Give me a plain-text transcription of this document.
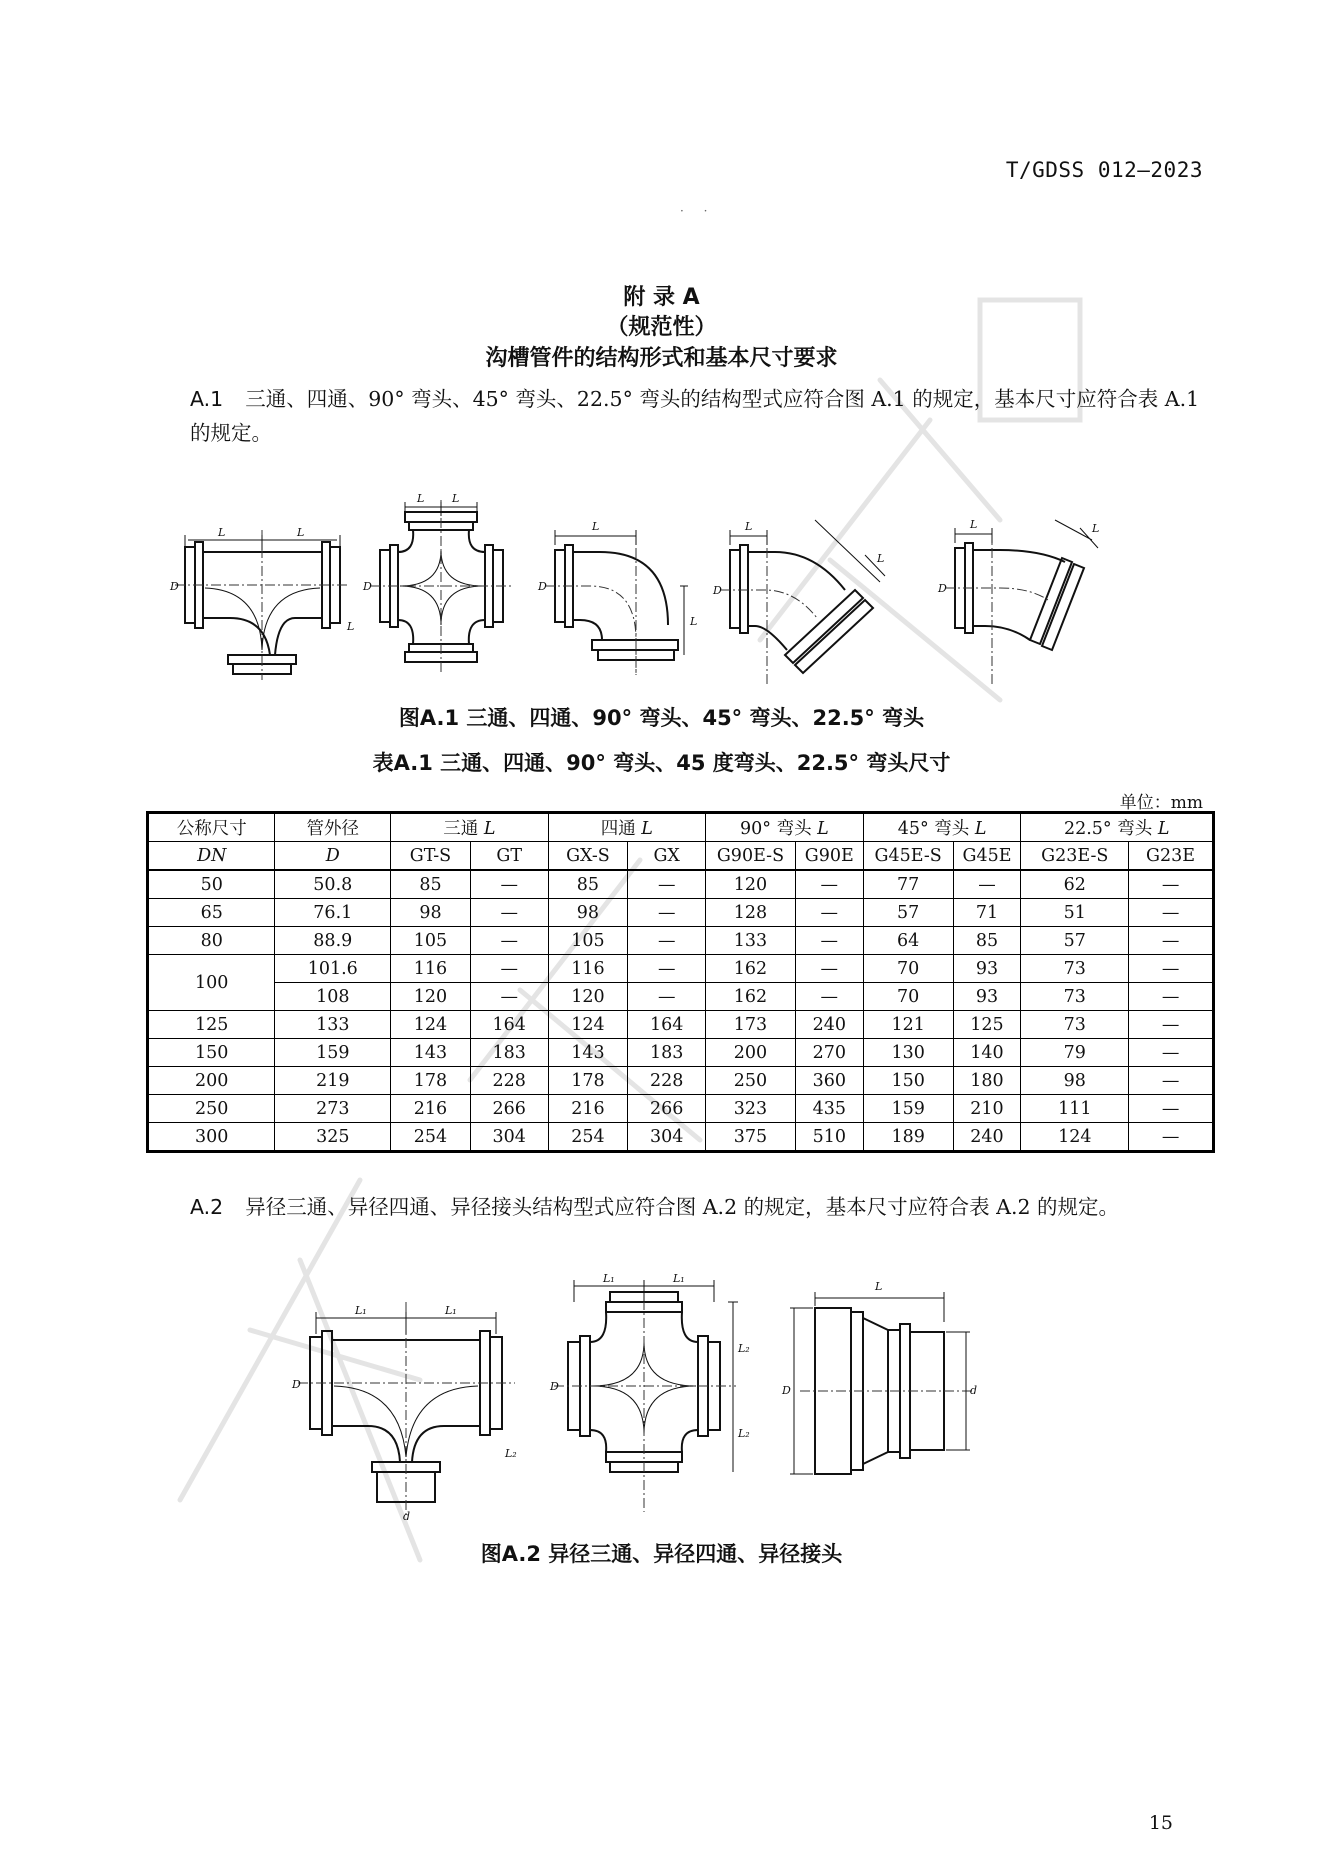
T/GDSS 012—2023
· ·
附 录 A
（规范性）
沟槽管件的结构形式和基本尺寸要求
A.1 三通、四通、90° 弯头、45° 弯头、22.5° 弯头的结构型式应符合图 A.1 的规定，基本尺寸应符合表 A.1 的规定。
L	L
D
L
L	L
D
L
D
L
L
D
L
L
D
L
图A.1 三通、四通、90° 弯头、45° 弯头、22.5° 弯头
表A.1 三通、四通、90° 弯头、45 度弯头、22.5° 弯头尺寸
单位：mm
公称尺寸	管外径	三通 L		四通 L		90° 弯头 L		45° 弯头 L		22.5° 弯头 L	
DN	D	GT-S	GT	GX-S	GX	G90E-S	G90E	G45E-S	G45E	G23E-S	G23E
50	50.8	85	—	85	—	120	—	77	—	62	—
65	76.1	98	—	98	—	128	—	57	71	51	—
80	88.9	105	—	105	—	133	—	64	85	57	—
100	101.6	116	—	116	—	162	—	70	93	73	—
	108	120	—	120	—	162	—	70	93	73	—
125	133	124	164	124	164	173	240	121	125	73	—
150	159	143	183	143	183	200	270	130	140	79	—
200	219	178	228	178	228	250	360	150	180	98	—
250	273	216	266	216	266	323	435	159	210	111	—
300	325	254	304	254	304	375	510	189	240	124	—
A.2 异径三通、异径四通、异径接头结构型式应符合图 A.2 的规定，基本尺寸应符合表 A.2 的规定。
L₁	L₁
D
L₂
d
L₁	L₁
D
L₂
L₂
L
D	d
图A.2 异径三通、异径四通、异径接头
15
